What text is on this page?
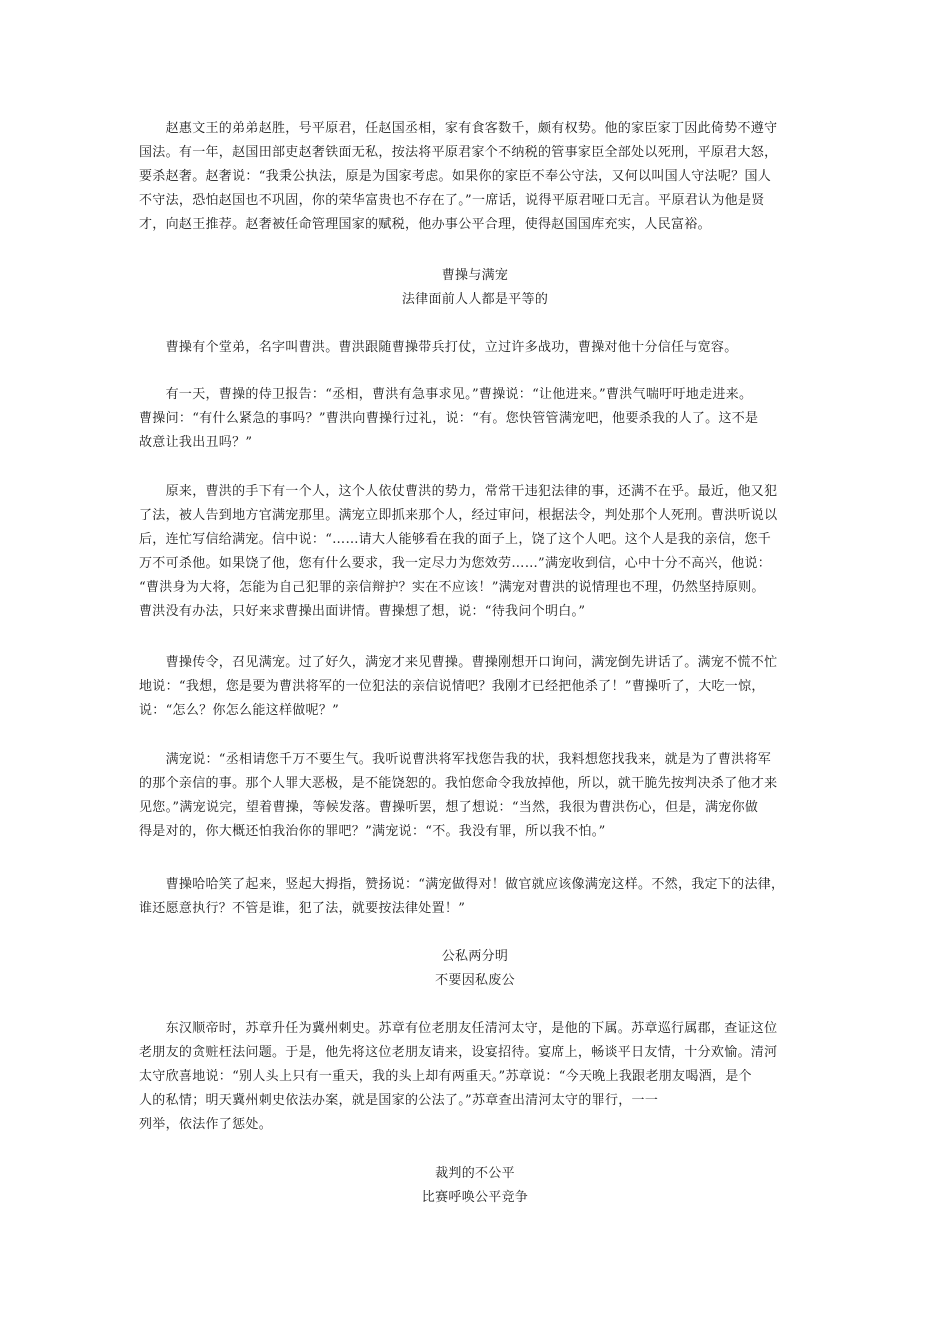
　　赵惠文王的弟弟赵胜，号平原君，任赵国丞相，家有食客数千，颇有权势。他的家臣家丁因此倚势不遵守
国法。有一年，赵国田部吏赵奢铁面无私，按法将平原君家个不纳税的管事家臣全部处以死刑，平原君大怒，
要杀赵奢。赵奢说：“我秉公执法，原是为国家考虑。如果你的家臣不奉公守法，又何以叫国人守法呢？国人
不守法，恐怕赵国也不巩固，你的荣华富贵也不存在了。”一席话，说得平原君哑口无言。平原君认为他是贤
才，向赵王推荐。赵奢被任命管理国家的赋税，他办事公平合理，使得赵国国库充实，人民富裕。
曹操与满宠
法律面前人人都是平等的
　　曹操有个堂弟，名字叫曹洪。曹洪跟随曹操带兵打仗，立过许多战功，曹操对他十分信任与宽容。
　　有一天，曹操的侍卫报告：“丞相，曹洪有急事求见。”曹操说：“让他进来。”曹洪气喘吁吁地走进来。
曹操问：“有什么紧急的事吗？”曹洪向曹操行过礼，说：“有。您快管管满宠吧，他要杀我的人了。这不是
故意让我出丑吗？”
　　原来，曹洪的手下有一个人，这个人依仗曹洪的势力，常常干违犯法律的事，还满不在乎。最近，他又犯
了法，被人告到地方官满宠那里。满宠立即抓来那个人，经过审问，根据法令，判处那个人死刑。曹洪听说以
后，连忙写信给满宠。信中说：“……请大人能够看在我的面子上，饶了这个人吧。这个人是我的亲信，您千
万不可杀他。如果饶了他，您有什么要求，我一定尽力为您效劳……”满宠收到信，心中十分不高兴，他说：
“曹洪身为大将，怎能为自己犯罪的亲信辩护？实在不应该！”满宠对曹洪的说情理也不理，仍然坚持原则。
曹洪没有办法，只好来求曹操出面讲情。曹操想了想，说：“待我问个明白。”
　　曹操传令，召见满宠。过了好久，满宠才来见曹操。曹操刚想开口询问，满宠倒先讲话了。满宠不慌不忙
地说：“我想，您是要为曹洪将军的一位犯法的亲信说情吧？我刚才已经把他杀了！”曹操听了，大吃一惊，
说：“怎么？你怎么能这样做呢？”
　　满宠说：“丞相请您千万不要生气。我听说曹洪将军找您告我的状，我料想您找我来，就是为了曹洪将军
的那个亲信的事。那个人罪大恶极，是不能饶恕的。我怕您命令我放掉他，所以，就干脆先按判决杀了他才来
见您。”满宠说完，望着曹操，等候发落。曹操听罢，想了想说：“当然，我很为曹洪伤心，但是，满宠你做
得是对的，你大概还怕我治你的罪吧？”满宠说：“不。我没有罪，所以我不怕。”
　　曹操哈哈笑了起来，竖起大拇指，赞扬说：“满宠做得对！做官就应该像满宠这样。不然，我定下的法律，
谁还愿意执行？不管是谁，犯了法，就要按法律处置！”
公私两分明
不要因私废公
　　东汉顺帝时，苏章升任为冀州刺史。苏章有位老朋友任清河太守，是他的下属。苏章巡行属郡，查证这位
老朋友的贪赃枉法问题。于是，他先将这位老朋友请来，设宴招待。宴席上，畅谈平日友情，十分欢愉。清河
太守欣喜地说：“别人头上只有一重天，我的头上却有两重天。”苏章说：“今天晚上我跟老朋友喝酒，是个
人的私情；明天冀州刺史依法办案，就是国家的公法了。”苏章查出清河太守的罪行，一一
列举，依法作了惩处。
裁判的不公平
比赛呼唤公平竞争
